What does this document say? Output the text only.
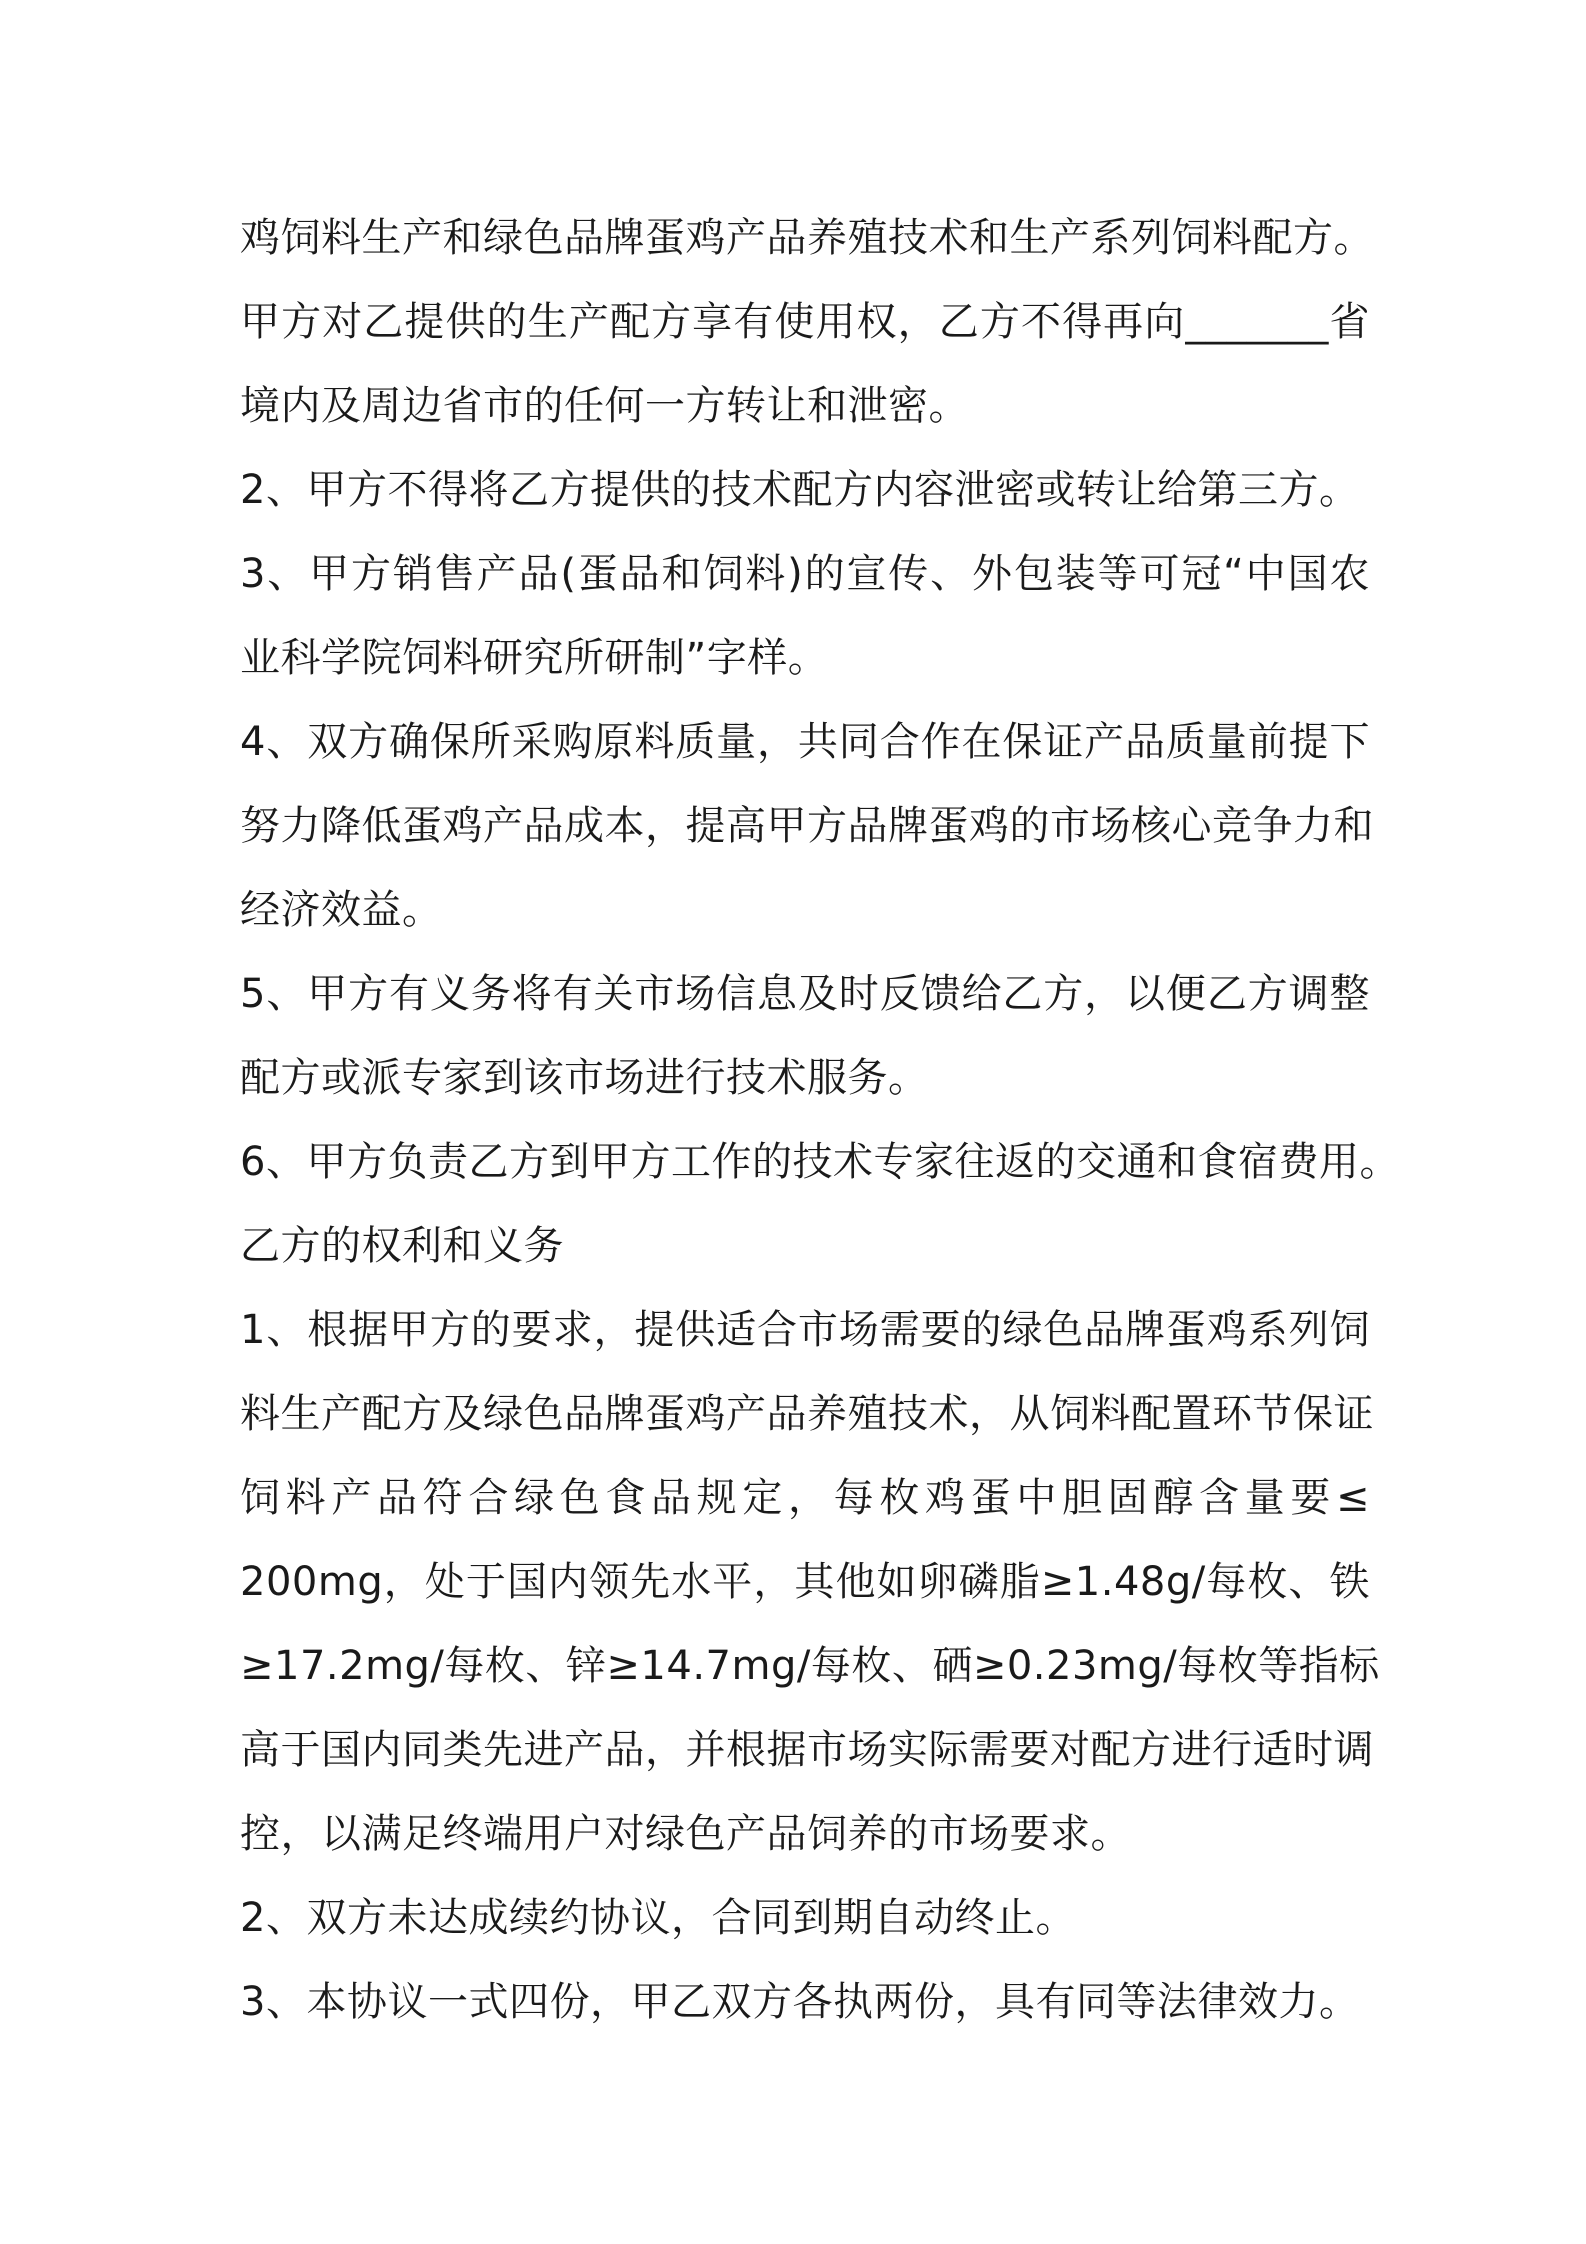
鸡饲料生产和绿色品牌蛋鸡产品养殖技术和生产系列饲料配方。
甲方对乙提供的生产配方享有使用权，乙方不得再向_______省
境内及周边省市的任何一方转让和泄密。
2、甲方不得将乙方提供的技术配方内容泄密或转让给第三方。
3、甲方销售产品(蛋品和饲料)的宣传、外包装等可冠“中国农
业科学院饲料研究所研制”字样。
4、双方确保所采购原料质量，共同合作在保证产品质量前提下
努力降低蛋鸡产品成本，提高甲方品牌蛋鸡的市场核心竞争力和
经济效益。
5、甲方有义务将有关市场信息及时反馈给乙方，以便乙方调整
配方或派专家到该市场进行技术服务。
6、甲方负责乙方到甲方工作的技术专家往返的交通和食宿费用。
乙方的权利和义务
1、根据甲方的要求，提供适合市场需要的绿色品牌蛋鸡系列饲
料生产配方及绿色品牌蛋鸡产品养殖技术，从饲料配置环节保证
饲料产品符合绿色食品规定，每枚鸡蛋中胆固醇含量要≤
200mg，处于国内领先水平，其他如卵磷脂≥1.48g/每枚、铁
≥17.2mg/每枚、锌≥14.7mg/每枚、硒≥0.23mg/每枚等指标
高于国内同类先进产品，并根据市场实际需要对配方进行适时调
控，以满足终端用户对绿色产品饲养的市场要求。
2、双方未达成续约协议，合同到期自动终止。
3、本协议一式四份，甲乙双方各执两份，具有同等法律效力。
